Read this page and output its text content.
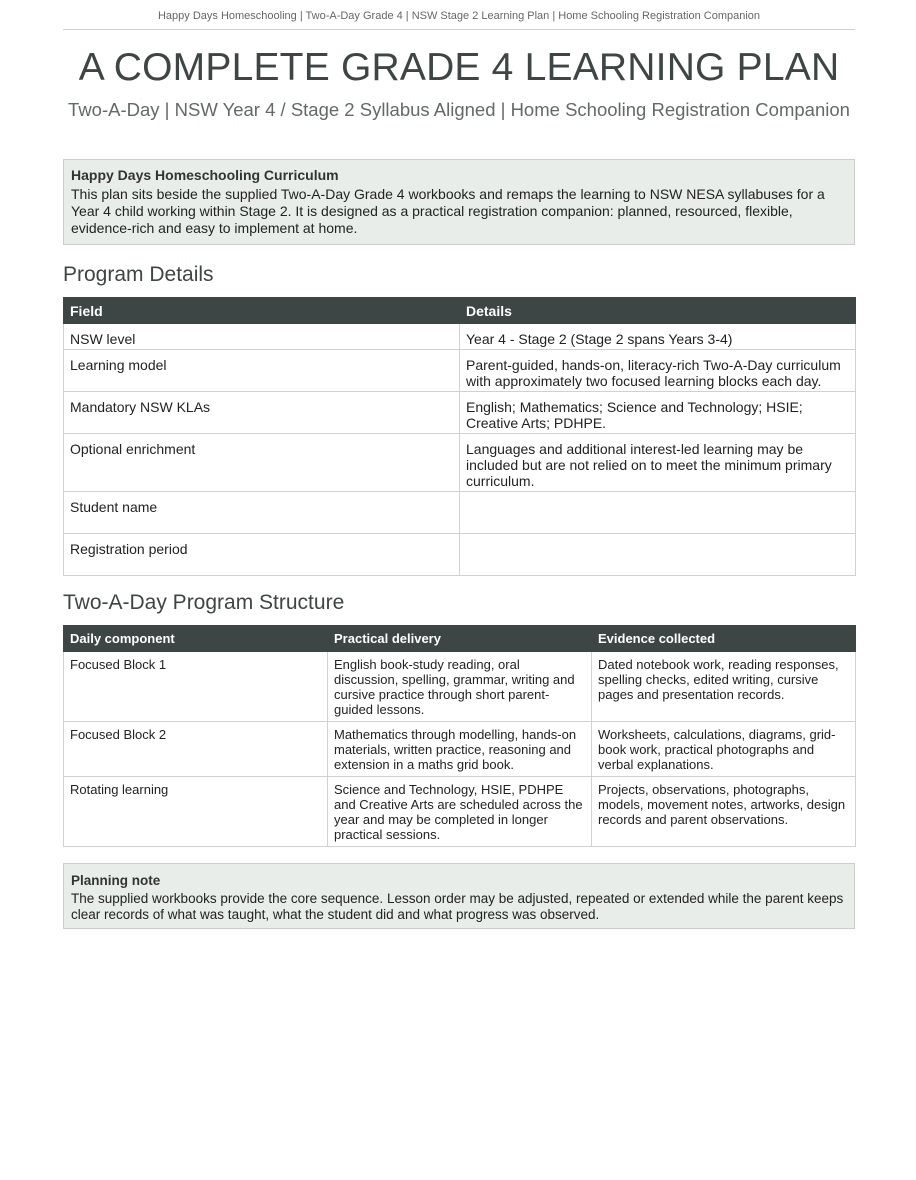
Happy Days Homeschooling | Two-A-Day Grade 4 | NSW Stage 2 Learning Plan | Home Schooling Registration Companion
A COMPLETE GRADE 4 LEARNING PLAN
Two-A-Day | NSW Year 4 / Stage 2 Syllabus Aligned | Home Schooling Registration Companion
Happy Days Homeschooling Curriculum
This plan sits beside the supplied Two-A-Day Grade 4 workbooks and remaps the learning to NSW NESA syllabuses for a Year 4 child working within Stage 2. It is designed as a practical registration companion: planned, resourced, flexible, evidence-rich and easy to implement at home.
Program Details
Field	Details
NSW level	Year 4 - Stage 2 (Stage 2 spans Years 3-4)
Learning model	Parent-guided, hands-on, literacy-rich Two-A-Day curriculum with approximately two focused learning blocks each day.
Mandatory NSW KLAs	English; Mathematics; Science and Technology; HSIE; Creative Arts; PDHPE.
Optional enrichment	Languages and additional interest-led learning may be included but are not relied on to meet the minimum primary curriculum.
Student name	
Registration period	
Two-A-Day Program Structure
Daily component	Practical delivery	Evidence collected
Focused Block 1	English book-study reading, oral discussion, spelling, grammar, writing and cursive practice through short parent-guided lessons.	Dated notebook work, reading responses, spelling checks, edited writing, cursive pages and presentation records.
Focused Block 2	Mathematics through modelling, hands-on materials, written practice, reasoning and extension in a maths grid book.	Worksheets, calculations, diagrams, grid-book work, practical photographs and verbal explanations.
Rotating learning	Science and Technology, HSIE, PDHPE and Creative Arts are scheduled across the year and may be completed in longer practical sessions.	Projects, observations, photographs, models, movement notes, artworks, design records and parent observations.
Planning note
The supplied workbooks provide the core sequence. Lesson order may be adjusted, repeated or extended while the parent keeps clear records of what was taught, what the student did and what progress was observed.
